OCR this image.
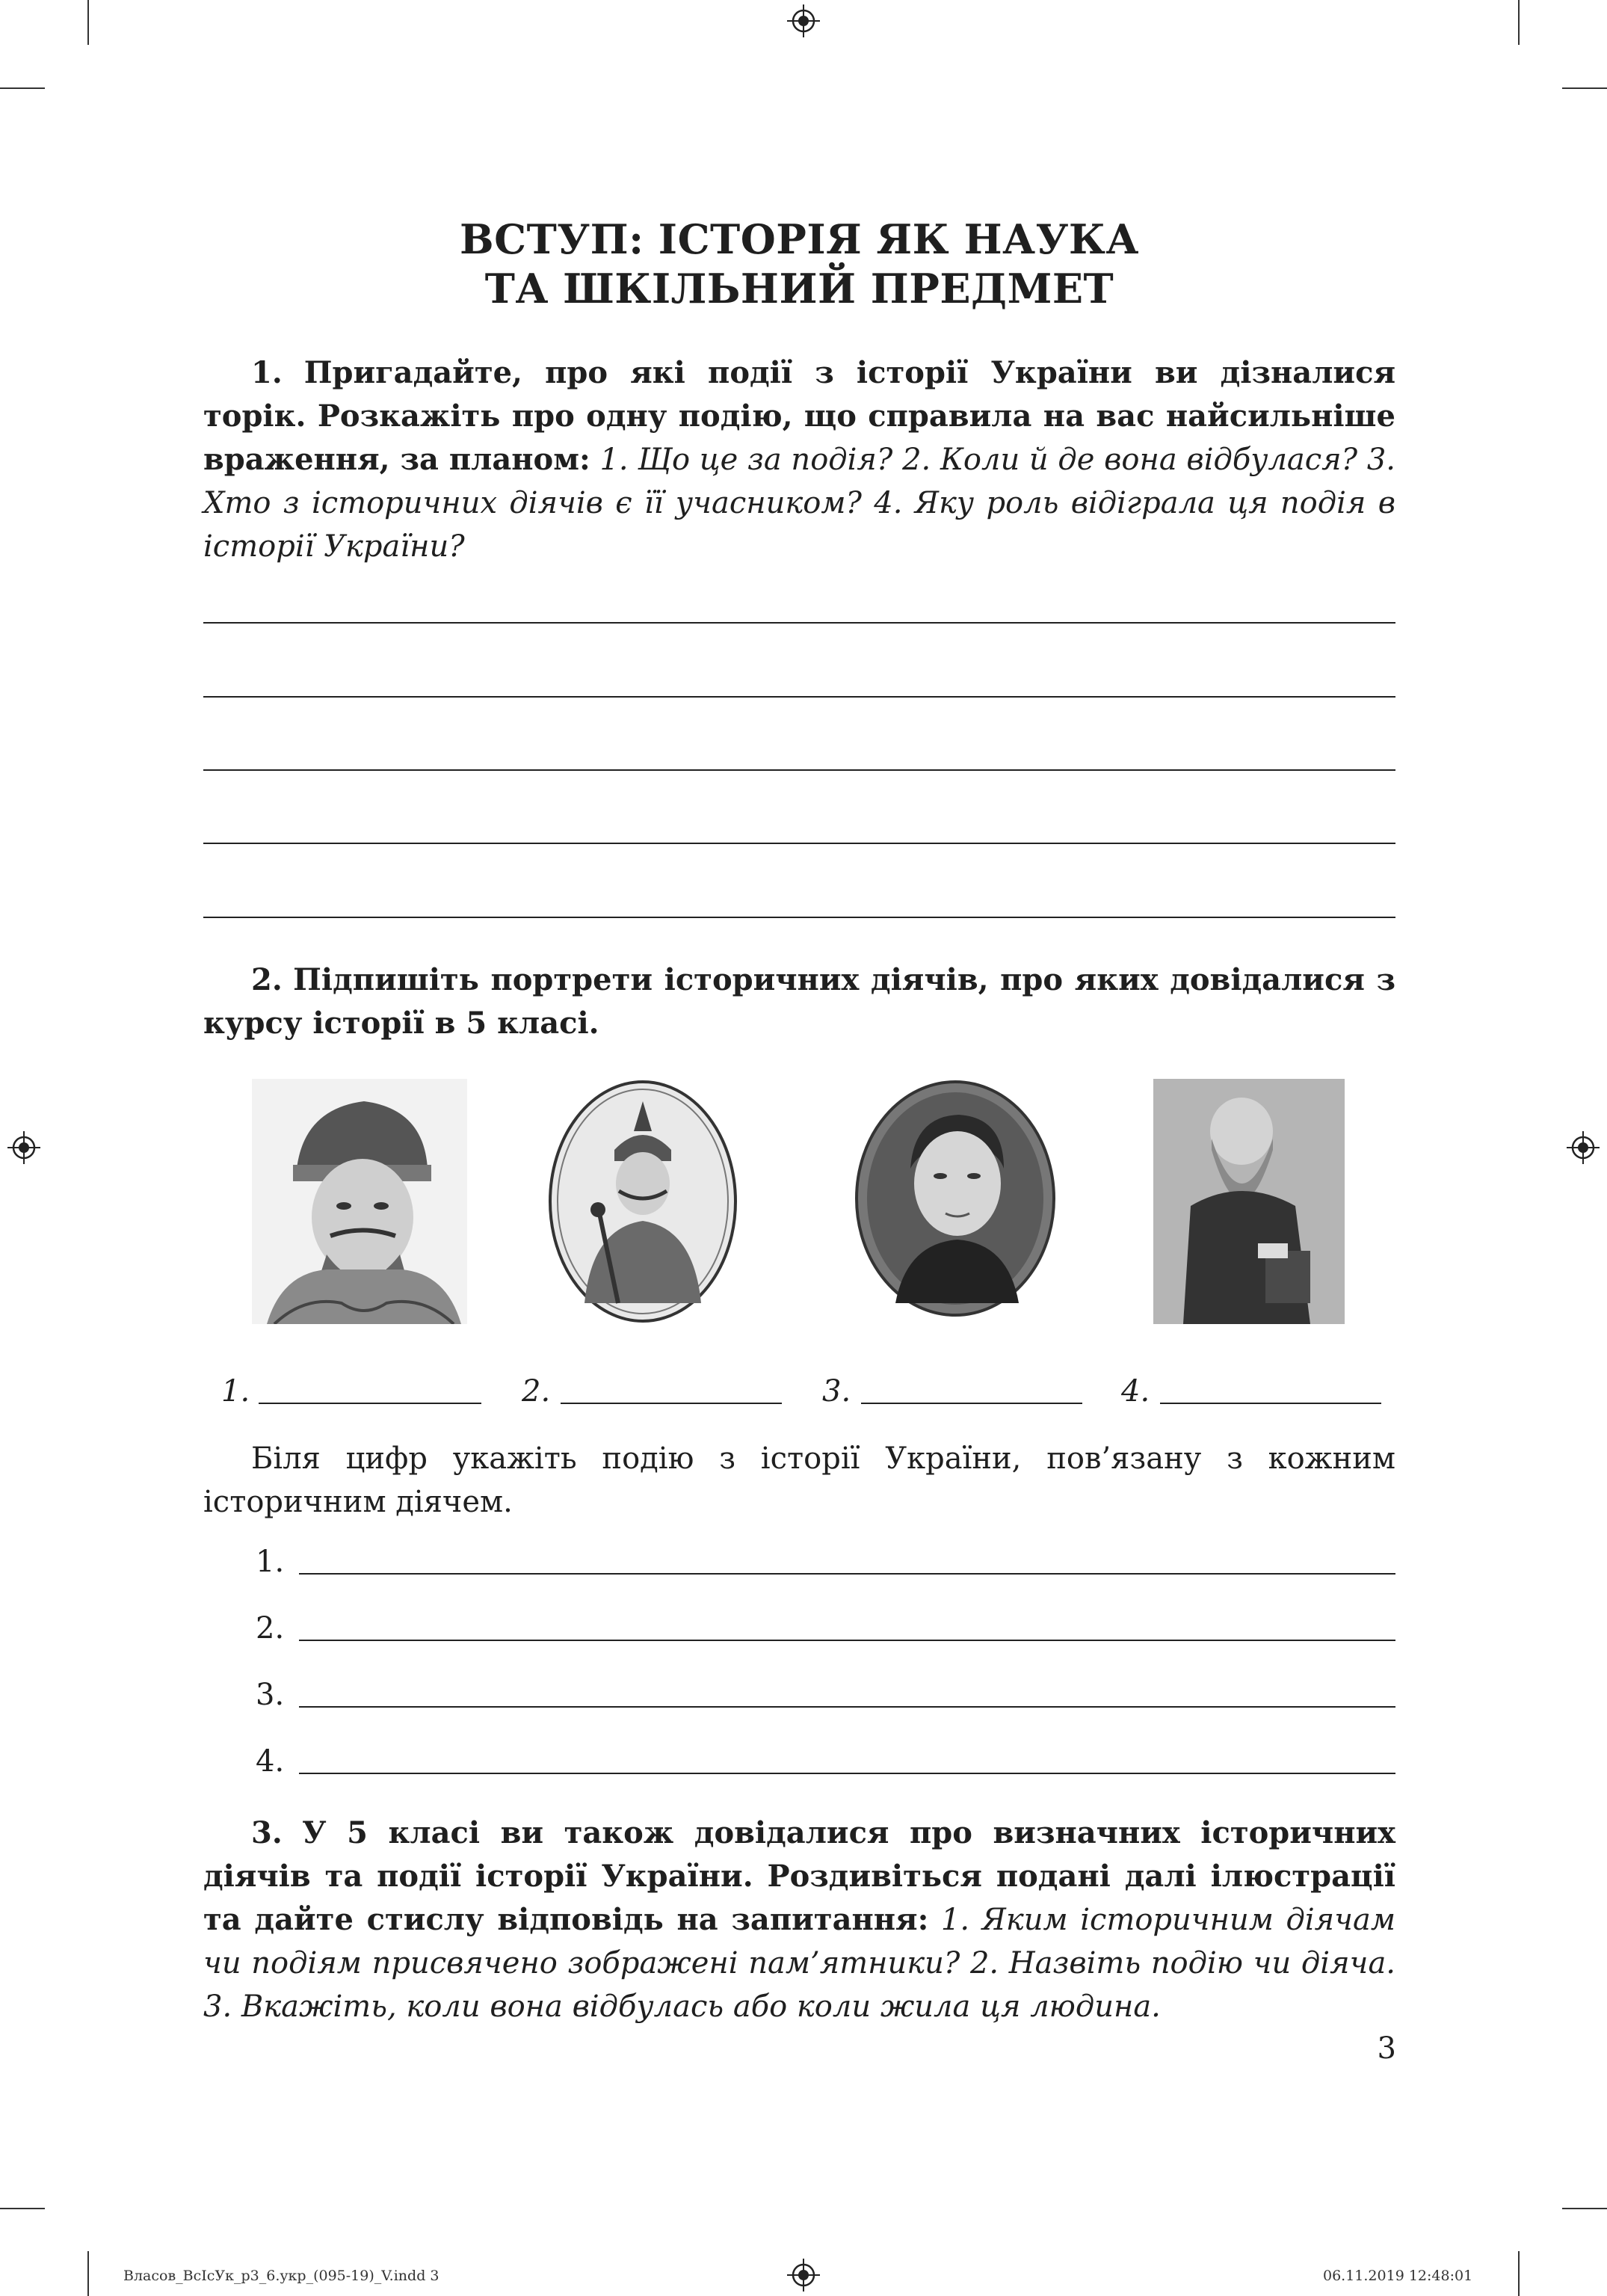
ВСТУП: ІСТОРІЯ ЯК НАУКА
ТА ШКІЛЬНИЙ ПРЕДМЕТ
1. Пригадайте, про які події з історії України ви дізналися торік. Розкажіть про одну подію, що справила на вас найсильніше враження, за планом: 1. Що це за подія? 2. Коли й де вона відбулася? 3. Хто з історичних діячів є її учасником? 4. Яку роль відіграла ця подія в історії України?
2. Підпишіть портрети історичних діячів, про яких довідалися з курсу історії в 5 класі.
1.	2.	3.	4.
Біля цифр укажіть подію з історії України, пов’язану з кожним історичним діячем.
1.
2.
3.
4.
3. У 5 класі ви також довідалися про визначних історичних діячів та події історії України. Роздивіться подані далі ілюстрації та дайте стислу відповідь на запитання: 1. Яким історичним діячам чи подіям присвячено зображені пам’ятники? 2. Назвіть подію чи діяча. 3. Вкажіть, коли вона відбулась або коли жила ця людина.
3
Власов_ВсІсУк_р3_6.укр_(095-19)_V.indd 3	06.11.2019 12:48:01
